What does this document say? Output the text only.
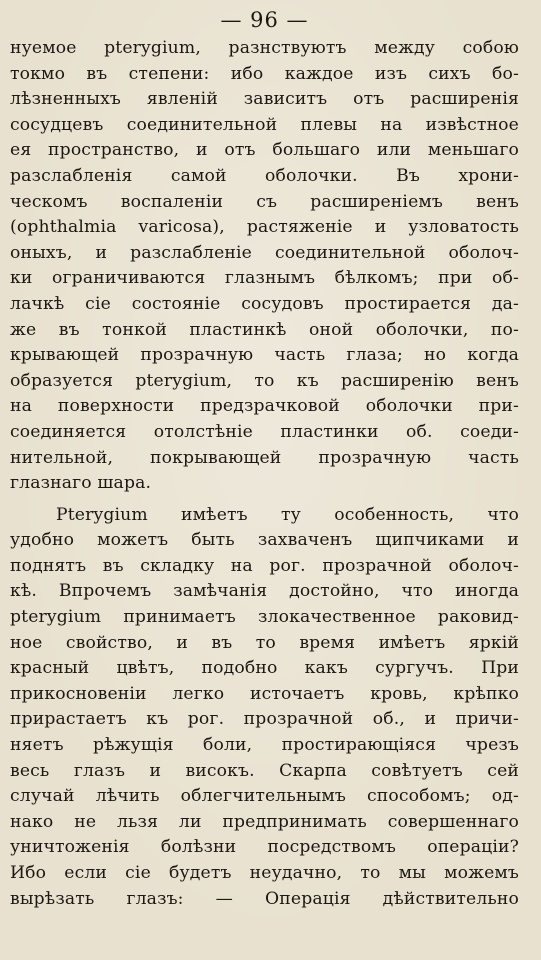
— 96 —
нуемое pterygium, разнствуютъ между собою
токмо въ степени: ибо каждое изъ сихъ бо-
лѣзненныхъ явленій зависитъ отъ расширенія
сосудцевъ соединительной плевы на извѣстное
ея пространство, и отъ большаго или меньшаго
разслабленія самой оболочки. Въ хрони-
ческомъ воспаленіи съ расширеніемъ венъ
(ophthalmia varicosa), растяженіе и узловатость
оныхъ, и разслабленіе соединительной оболоч-
ки ограничиваются глазнымъ бѣлкомъ; при об-
лачкѣ сіе состояніе сосудовъ простирается да-
же въ тонкой пластинкѣ оной оболочки, по-
крывающей прозрачную часть глаза; но когда
образуется pterygium, то къ расширенію венъ
на поверхности предзрачковой оболочки при-
соединяется отолстѣніе пластинки об. соеди-
нительной, покрывающей прозрачную часть
глазнаго шара.
Pterygium имѣетъ ту особенность, что
удобно можетъ быть захваченъ щипчиками и
поднятъ въ складку на рог. прозрачной оболоч-
кѣ. Впрочемъ замѣчанія достойно, что иногда
pterygium принимаетъ злокачественное раковид-
ное свойство, и въ то время имѣетъ яркій
красный цвѣтъ, подобно какъ сургучъ. При
прикосновеніи легко источаетъ кровь, крѣпко
прирастаетъ къ рог. прозрачной об., и причи-
няетъ рѣжущія боли, простирающіяся чрезъ
весь глазъ и високъ. Скарпа совѣтуетъ сей
случай лѣчить облегчительнымъ способомъ; од-
нако не льзя ли предпринимать совершеннаго
уничтоженія болѣзни посредствомъ операціи?
Ибо если сіе будетъ неудачно, то мы можемъ
вырѣзать глазъ: — Операція дѣйствительно
